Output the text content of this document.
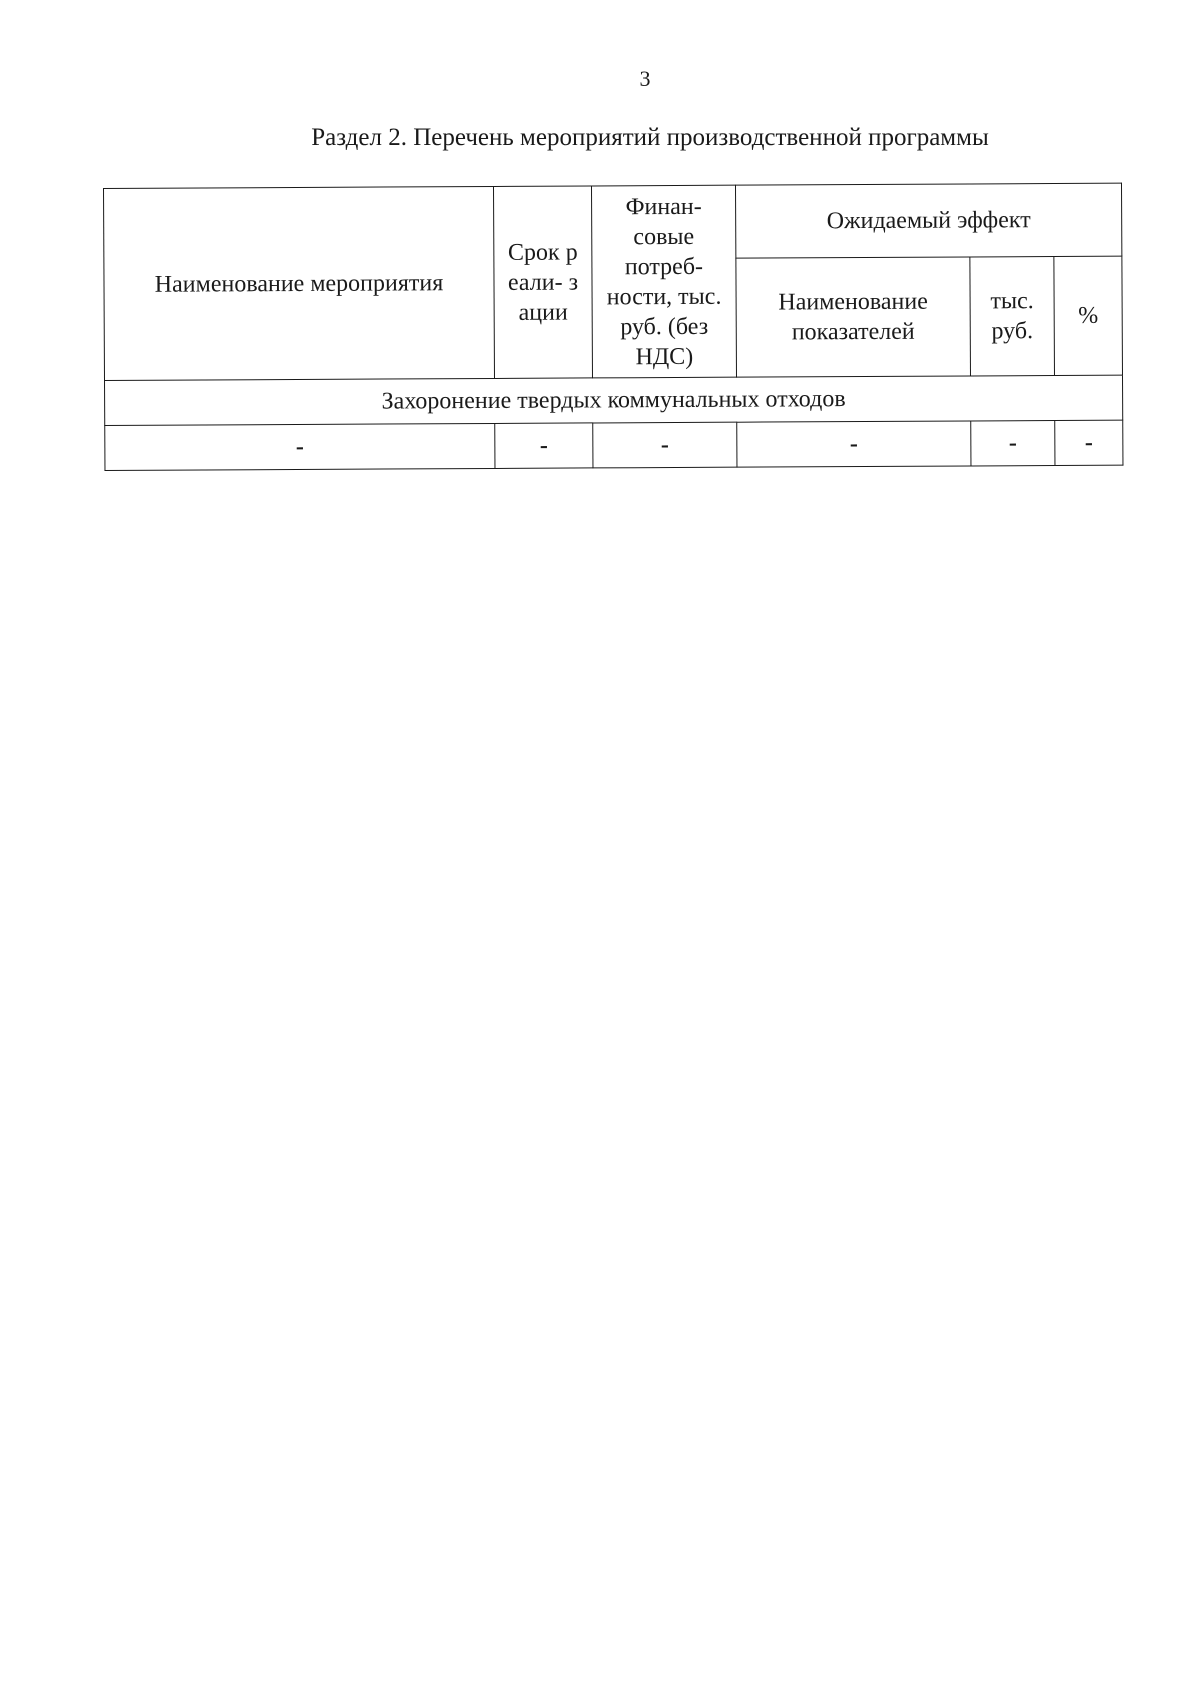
3
Раздел 2. Перечень мероприятий производственной программы
Наименование мероприятия	Срок реали- зации	Финан- совые потреб- ности, тыс. руб. (без НДС)	Ожидаемый эффект		
			Наименование показателей	тыс. руб.	%
Захоронение твердых коммунальных отходов					
-	-	-	-	-	-
